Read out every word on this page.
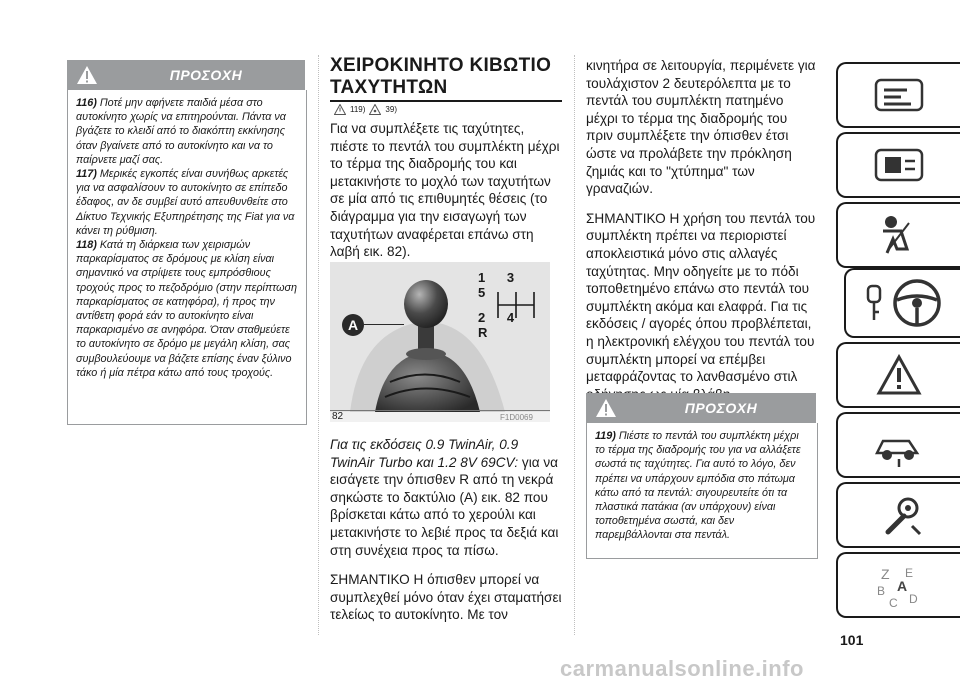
ΠΡΟΣΟΧΗ

116) Ποτέ μην αφήνετε παιδιά μέσα στο αυτοκίνητο χωρίς να επιτηρούνται. Πάντα να βγάζετε το κλειδί από το διακόπτη εκκίνησης όταν βγαίνετε από το αυτοκίνητο και να το παίρνετε μαζί σας.

117) Μερικές εγκοπές είναι συνήθως αρκετές για να ασφαλίσουν το αυτοκίνητο σε επίπεδο έδαφος, αν δε συμβεί αυτό απευθυνθείτε στο Δίκτυο Τεχνικής Εξυπηρέτησης της Fiat για να κάνει τη ρύθμιση.

118) Κατά τη διάρκεια των χειρισμών παρκαρίσματος σε δρόμους με κλίση είναι σημαντικό να στρίψετε τους εμπρόσθιους τροχούς προς το πεζοδρόμιο (στην περίπτωση παρκαρίσματος σε κατηφόρα), ή προς την αντίθετη φορά εάν το αυτοκίνητο είναι παρκαρισμένο σε ανηφόρα. Όταν σταθμεύετε το αυτοκίνητο σε δρόμο με μεγάλη κλίση, σας συμβουλεύουμε να βάζετε επίσης έναν ξύλινο τάκο ή μία πέτρα κάτω από τους τροχούς.

ΧΕΙΡΟΚΙΝΗΤΟ ΚΙΒΩΤΙΟ
ΤΑΧΥΤΗΤΩΝ
119)	39)
Για να συμπλέξετε τις ταχύτητες, πιέστε το πεντάλ του συμπλέκτη μέχρι το τέρμα της διαδρομής του και μετακινήστε το μοχλό των ταχυτήτων σε μία από τις επιθυμητές θέσεις (το διάγραμμα για την εισαγωγή των ταχυτήτων αναφέρεται επάνω στη λαβή εικ. 82).
1 3 5
2 4 R
A
82	F1D0069

Για τις εκδόσεις 0.9 TwinAir, 0.9 TwinAir Turbo και 1.2 8V 69CV: για να εισάγετε την όπισθεν R από τη νεκρά σηκώστε το δακτύλιο (A) εικ. 82 που βρίσκεται κάτω από το χερούλι και μετακινήστε το λεβιέ προς τα δεξιά και στη συνέχεια προς τα πίσω.

ΣΗΜΑΝΤΙΚΟ Η όπισθεν μπορεί να συμπλεχθεί μόνο όταν έχει σταματήσει τελείως το αυτοκίνητο. Με τον

κινητήρα σε λειτουργία, περιμένετε για τουλάχιστον 2 δευτερόλεπτα με το πεντάλ του συμπλέκτη πατημένο μέχρι το τέρμα της διαδρομής του πριν συμπλέξετε την όπισθεν έτσι ώστε να προλάβετε την πρόκληση ζημιάς και το "χτύπημα" των γραναζιών.

ΣΗΜΑΝΤΙΚΟ Η χρήση του πεντάλ του συμπλέκτη πρέπει να περιοριστεί αποκλειστικά μόνο στις αλλαγές ταχύτητας. Μην οδηγείτε με το πόδι τοποθετημένο επάνω στο πεντάλ του συμπλέκτη ακόμα και ελαφρά. Για τις εκδόσεις / αγορές όπου προβλέπεται, η ηλεκτρονική ελέγχου του πεντάλ του συμπλέκτη μπορεί να επέμβει μεταφράζοντας το λανθασμένο στιλ

ΠΡΟΣΟΧΗ

119) Πιέστε το πεντάλ του συμπλέκτη μέχρι το τέρμα της διαδρομής του για να αλλάξετε σωστά τις ταχύτητες. Για αυτό το λόγο, δεν πρέπει να υπάρχουν εμπόδια στο πάτωμα κάτω από τα πεντάλ: σιγουρευτείτε ότι τα πλαστικά πατάκια (αν υπάρχουν) είναι τοποθετημένα σωστά, και δεν παρεμβάλλονται στα πεντάλ.

Z E
A
B
C D
101
carmanualsonline.info
